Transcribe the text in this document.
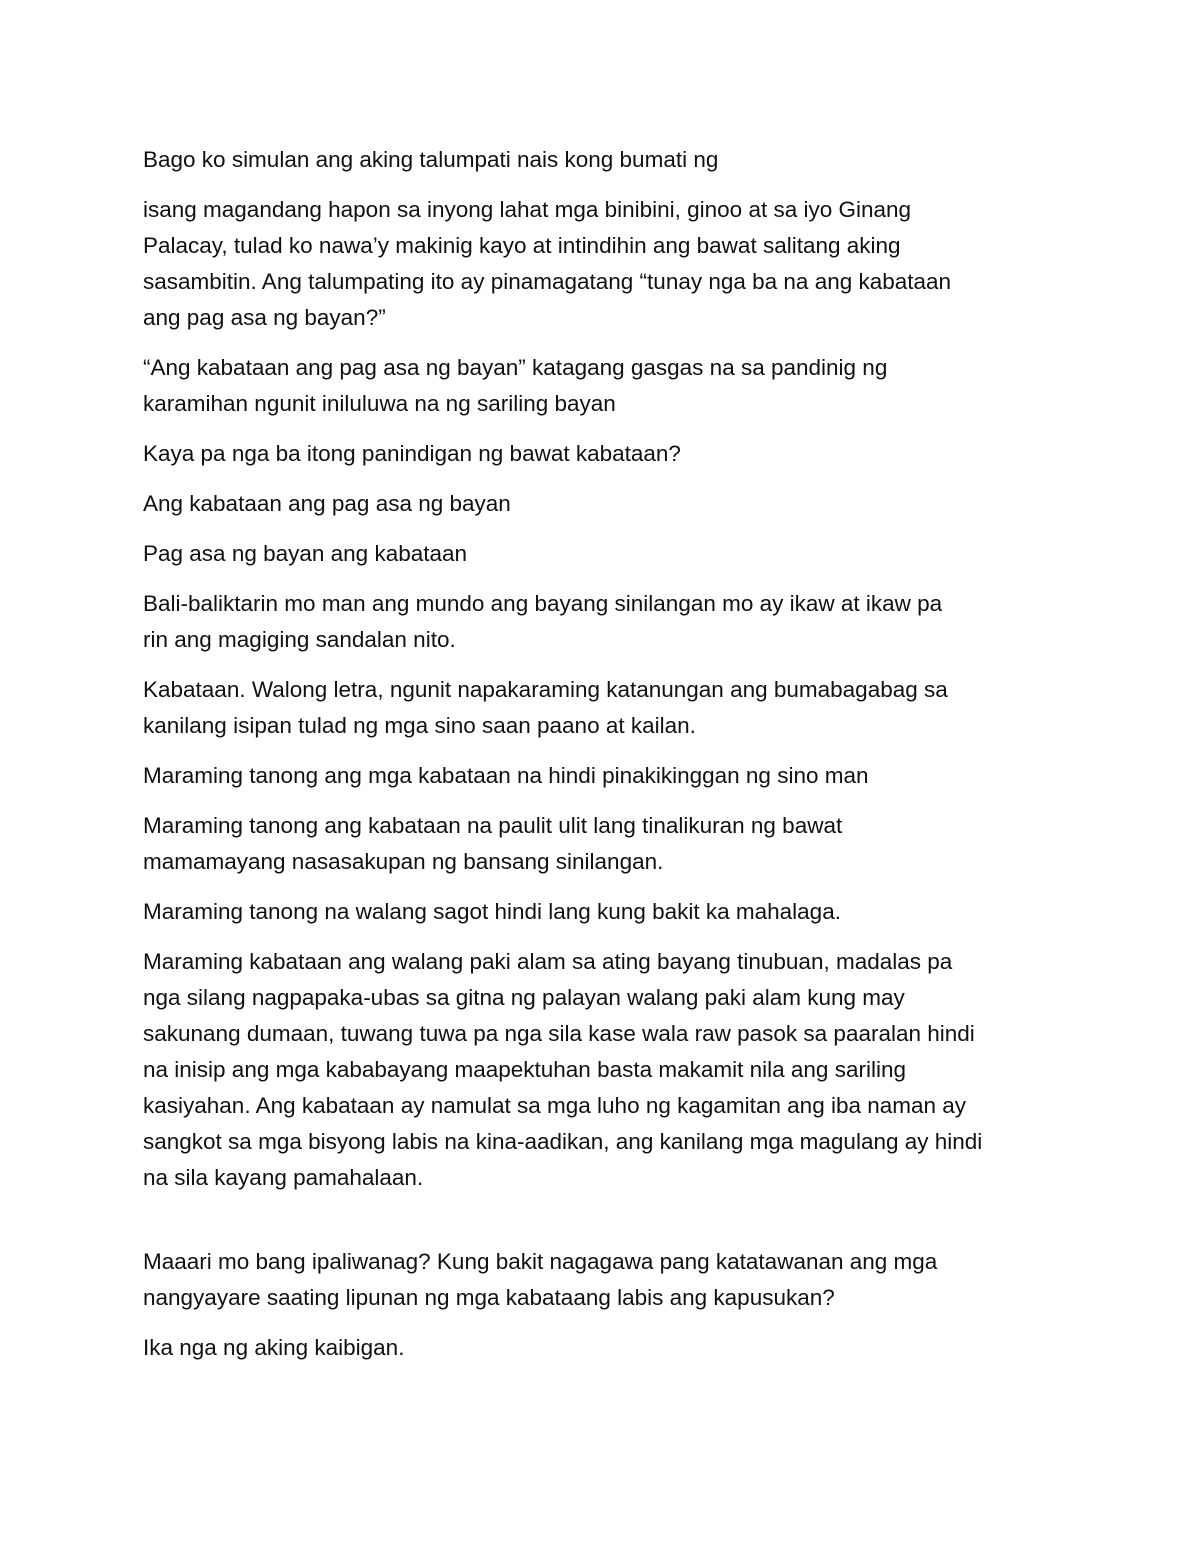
Bago ko simulan ang aking talumpati nais kong bumati ng

isang magandang hapon sa inyong lahat mga binibini, ginoo at sa iyo Ginang
Palacay, tulad ko nawa’y makinig kayo at intindihin ang bawat salitang aking
sasambitin. Ang talumpating ito ay pinamagatang “tunay nga ba na ang kabataan
ang pag asa ng bayan?”

“Ang kabataan ang pag asa ng bayan” katagang gasgas na sa pandinig ng
karamihan ngunit iniluluwa na ng sariling bayan

Kaya pa nga ba itong panindigan ng bawat kabataan?

Ang kabataan ang pag asa ng bayan

Pag asa ng bayan ang kabataan

Bali-baliktarin mo man ang mundo ang bayang sinilangan mo ay ikaw at ikaw pa
rin ang magiging sandalan nito.

Kabataan. Walong letra, ngunit napakaraming katanungan ang bumabagabag sa
kanilang isipan tulad ng mga sino saan paano at kailan.

Maraming tanong ang mga kabataan na hindi pinakikinggan ng sino man

Maraming tanong ang kabataan na paulit ulit lang tinalikuran ng bawat
mamamayang nasasakupan ng bansang sinilangan.

Maraming tanong na walang sagot hindi lang kung bakit ka mahalaga.

Maraming kabataan ang walang paki alam sa ating bayang tinubuan, madalas pa
nga silang nagpapaka-ubas sa gitna ng palayan walang paki alam kung may
sakunang dumaan, tuwang tuwa pa nga sila kase wala raw pasok sa paaralan hindi
na inisip ang mga kababayang maapektuhan basta makamit nila ang sariling
kasiyahan. Ang kabataan ay namulat sa mga luho ng kagamitan ang iba naman ay
sangkot sa mga bisyong labis na kina-aadikan, ang kanilang mga magulang ay hindi
na sila kayang pamahalaan.

Maaari mo bang ipaliwanag? Kung bakit nagagawa pang katatawanan ang mga
nangyayare saating lipunan ng mga kabataang labis ang kapusukan?

Ika nga ng aking kaibigan.
